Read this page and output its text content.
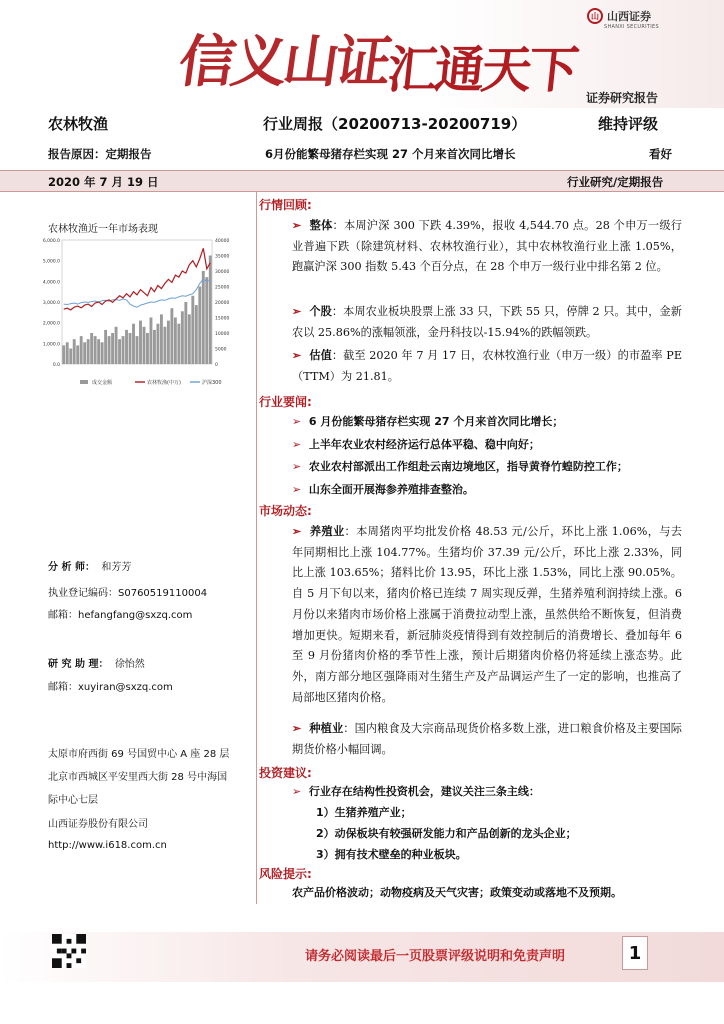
信义山证
汇通天下
山 山西证券
SHANXI SECURITIES
证券研究报告
农林牧渔	行业周报（20200713-20200719）	维持评级
报告原因：定期报告	6月份能繁母猪存栏实现 27 个月来首次同比增长	看好
2020 年 7 月 19 日	行业研究/定期报告
农林牧渔近一年市场表现
6,000.0
5,000.0
4,000.0
3,000.0
2,000.0
1,000.0
0.0
40000
35000
30000
25000
20000
15000
10000
5000
0
成交金额	农林牧渔(中万)	沪深300
分 析 师： 和芳芳
执业登记编码：S0760519110004
邮箱：hefangfang@sxzq.com
研 究 助 理： 徐怡然
邮箱：xuyiran@sxzq.com
太原市府西街 69 号国贸中心 A 座 28 层
北京市西城区平安里西大街 28 号中海国
际中心七层
山西证券股份有限公司
http://www.i618.com.cn
行情回顾:
➢  整体：本周沪深 300 下跌 4.39%，报收 4,544.70 点。28 个申万一级行业普遍下跌（除建筑材料、农林牧渔行业），其中农林牧渔行业上涨 1.05%，跑赢沪深 300 指数 5.43 个百分点，在 28 个申万一级行业中排名第 2 位。
➢  个股：本周农业板块股票上涨 33 只，下跌 55 只，停牌 2 只。其中，金新农以 25.86%的涨幅领涨，金丹科技以-15.94%的跌幅领跌。
➢  估值：截至 2020 年 7 月 17 日，农林牧渔行业（申万一级）的市盈率 PE（TTM）为 21.81。
行业要闻:
➢  6 月份能繁母猪存栏实现 27 个月来首次同比增长；
➢  上半年农业农村经济运行总体平稳、稳中向好；
➢  农业农村部派出工作组赴云南边境地区，指导黄脊竹蝗防控工作；
➢  山东全面开展海参养殖排查整治。
市场动态:
➢  养殖业：本周猪肉平均批发价格 48.53 元/公斤，环比上涨 1.06%，与去年同期相比上涨 104.77%。生猪均价 37.39 元/公斤，环比上涨 2.33%，同比上涨 103.65%；猪料比价 13.95，环比上涨 1.53%，同比上涨 90.05%。自 5 月下旬以来，猪肉价格已连续 7 周实现反弹，生猪养殖利润持续上涨。6 月份以来猪肉市场价格上涨属于消费拉动型上涨，虽然供给不断恢复，但消费增加更快。短期来看，新冠肺炎疫情得到有效控制后的消费增长、叠加每年 6 至 9 月份猪肉价格的季节性上涨，预计后期猪肉价格仍将延续上涨态势。此外，南方部分地区强降雨对生猪生产及产品调运产生了一定的影响，也推高了局部地区猪肉价格。
➢  种植业：国内粮食及大宗商品现货价格多数上涨，进口粮食价格及主要国际期货价格小幅回调。
投资建议:
➢  行业存在结构性投资机会，建议关注三条主线：
1）生猪养殖产业；
2）动保板块有较强研发能力和产品创新的龙头企业；
3）拥有技术壁垒的种业板块。
风险提示:
农产品价格波动；动物疫病及天气灾害；政策变动或落地不及预期。
请务必阅读最后一页股票评级说明和免责声明	1
